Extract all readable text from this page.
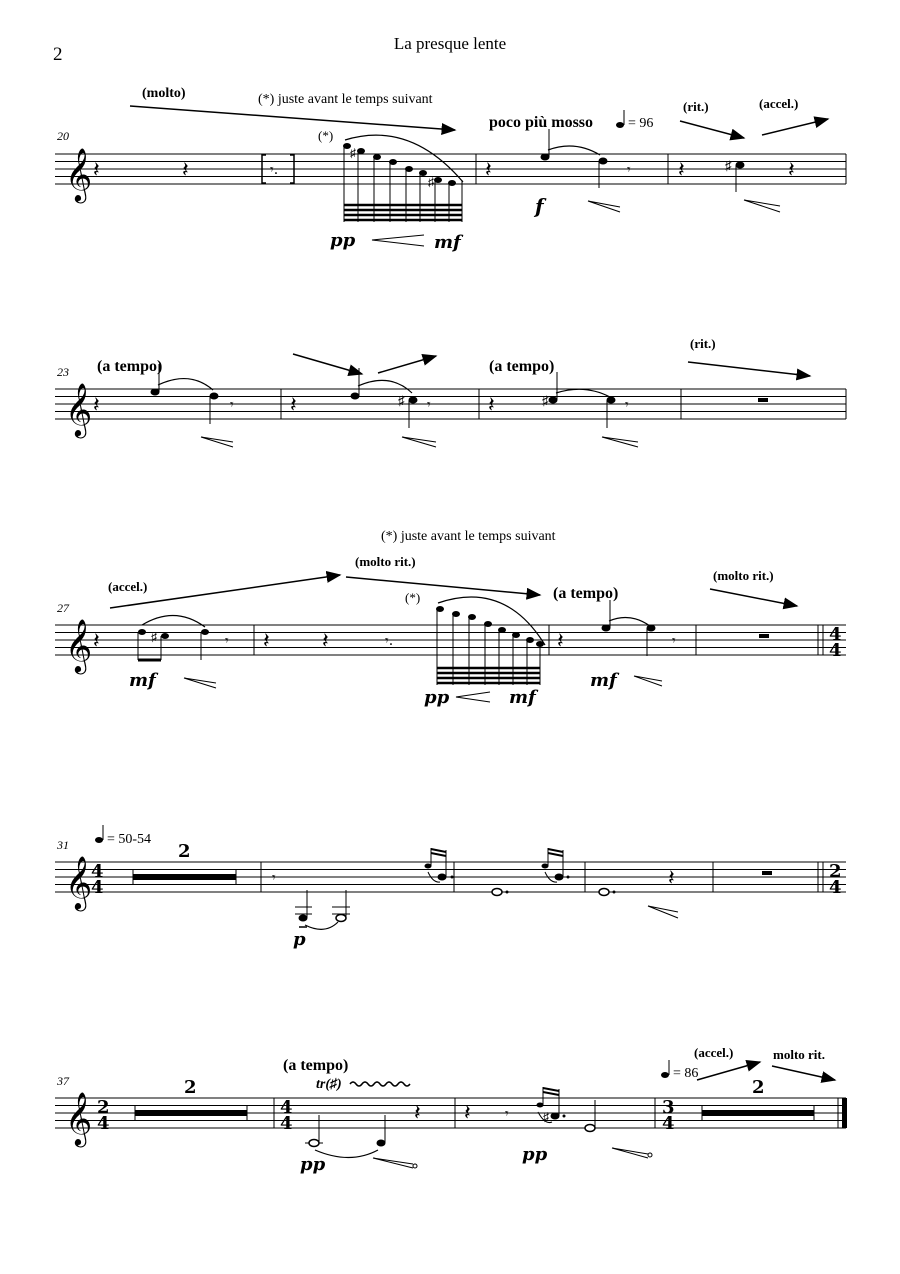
2
La presque lente
𝄞
20
𝄽	𝄽	𝄾.
♯
♯
(*)
𝄽	𝄾 𝄽	♯	𝄽
(molto)	(*) juste avant le temps suivant
poco più mosso = 96
(rit.)	(accel.)
pp	mf
f
𝄞
23
𝄽	𝄾	𝄽	♯ 𝄾	𝄽	♯	𝄾
(a tempo)	(a tempo)
(rit.)
𝄞
27
𝄽	♯	𝄾 𝄽 𝄽	𝄾.
(*)
𝄽	𝄾	4
4
(*) juste avant le temps suivant
(accel.)
(molto rit.)
(a tempo)
(molto rit.)
mf
pp	mf
mf
𝄞
31
4
4
= 50-54
2
𝄾
p
𝄽	2
4
𝄞
37
2
4
2
4
4	𝄽
tr(♯)
(a tempo)
pp
𝄽 𝄾	♯
pp
3
4
2
= 86
(accel.)	molto rit.
